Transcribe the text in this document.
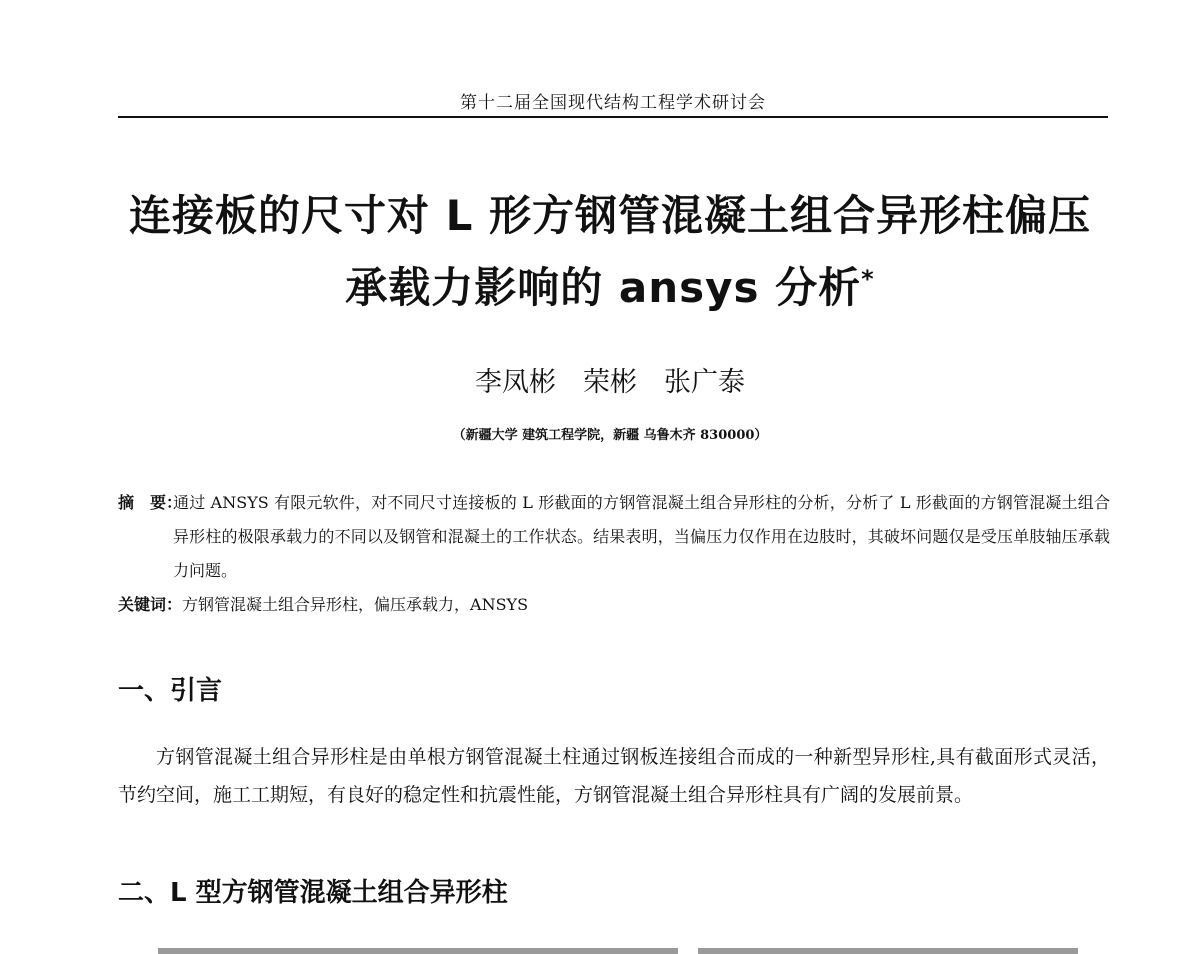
第十二届全国现代结构工程学术研讨会
连接板的尺寸对 L 形方钢管混凝土组合异形柱偏压
承载力影响的 ansys 分析*
李凤彬　荣彬　张广泰
（新疆大学 建筑工程学院，新疆 乌鲁木齐 830000）
摘　要：
通过 ANSYS 有限元软件，对不同尺寸连接板的 L 形截面的方钢管混凝土组合异形柱的分析，分析了 L 形截面的方钢管混凝土组合异形柱的极限承载力的不同以及钢管和混凝土的工作状态。结果表明，当偏压力仅作用在边肢时，其破坏问题仅是受压单肢轴压承载力问题。
关键词：方钢管混凝土组合异形柱，偏压承载力，ANSYS
一、引言
方钢管混凝土组合异形柱是由单根方钢管混凝土柱通过钢板连接组合而成的一种新型异形柱,具有截面形式灵活，节约空间，施工工期短，有良好的稳定性和抗震性能，方钢管混凝土组合异形柱具有广阔的发展前景。
二、L 型方钢管混凝土组合异形柱
